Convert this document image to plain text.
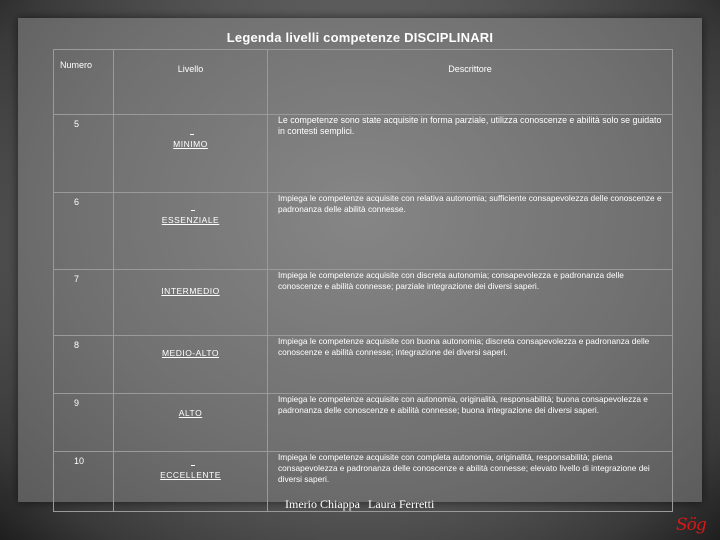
Legenda livelli competenze DISCIPLINARI
Numero	Livello	Descrittore
5	MINIMO	Le competenze sono state acquisite in forma parziale, utilizza conoscenze e abilità solo se guidato in contesti semplici.
6	ESSENZIALE	Impiega le competenze acquisite con relativa autonomia; sufficiente consapevolezza delle conoscenze e padronanza delle abilità connesse.
7	INTERMEDIO	Impiega le competenze acquisite con discreta autonomia; consapevolezza e padronanza delle conoscenze e abilità connesse; parziale integrazione dei diversi saperi.
8	MEDIO-ALTO	Impiega le competenze acquisite con buona autonomia; discreta consapevolezza e padronanza delle conoscenze e abilità connesse; integrazione dei diversi saperi.
9	ALTO	Impiega le competenze acquisite con autonomia, originalità, responsabilità; buona consapevolezza e padronanza delle conoscenze e abilità connesse; buona integrazione dei diversi saperi.
10	ECCELLENTE	Impiega le competenze acquisite con completa autonomia, originalità, responsabilità; piena consapevolezza e padronanza delle conoscenze e abilità connesse; elevato livello di integrazione dei diversi saperi.
Imerio Chiappa Laura Ferretti
Sög
